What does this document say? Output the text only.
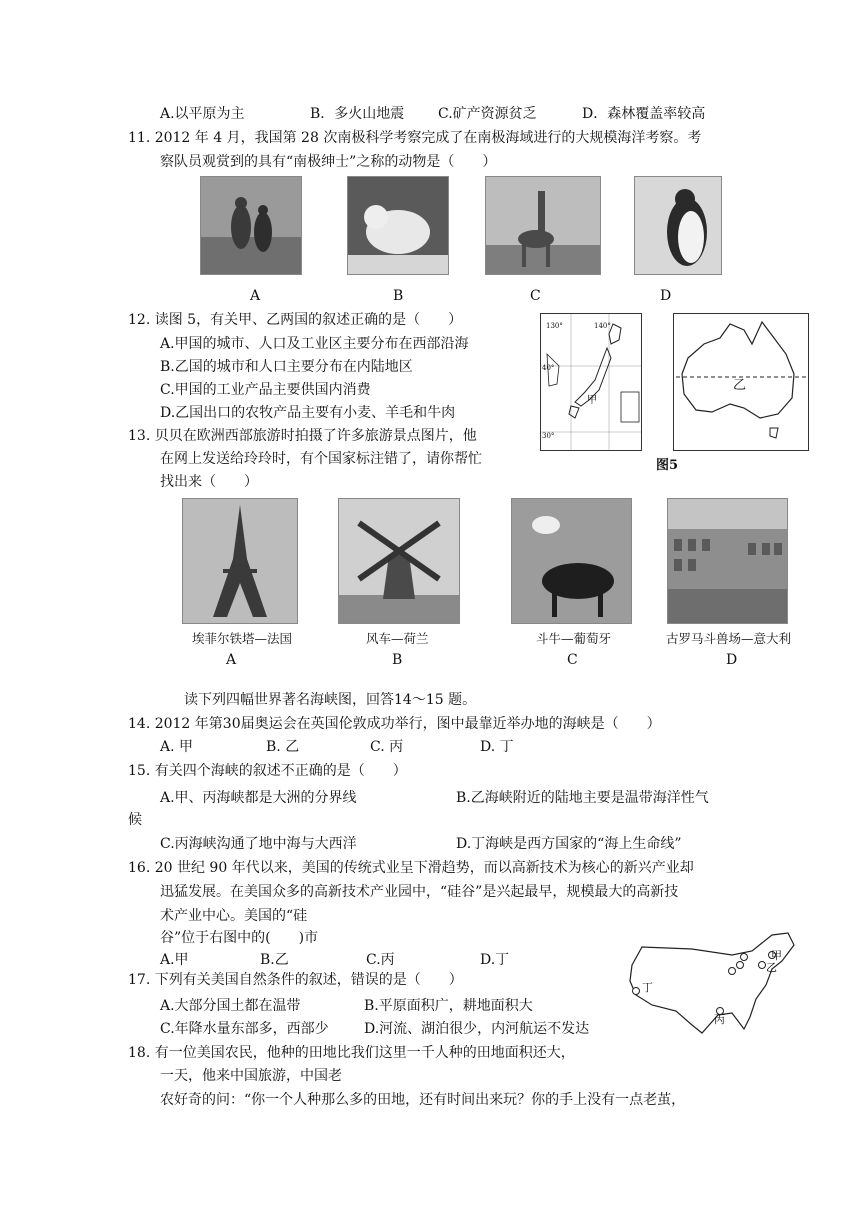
A.以平原为主	B．多火山地震 C.矿产资源贫乏	D．森林覆盖率较高
11. 2012 年 4 月，我国第 28 次南极科学考察完成了在南极海域进行的大规模海洋考察。考
察队员观赏到的具有“南极绅士”之称的动物是（　　）
A	B	C	D
12. 读图 5，有关甲、乙两国的叙述正确的是（　　）
A.甲国的城市、人口及工业区主要分布在西部沿海
B.乙国的城市和人口主要分布在内陆地区
C.甲国的工业产品主要供国内消费
D.乙国出口的农牧产品主要有小麦、羊毛和牛肉
130°	140°
40°
30°
甲
乙
图5
13. 贝贝在欧洲西部旅游时拍摄了许多旅游景点图片，他
在网上发送给玲玲时，有个国家标注错了，请你帮忙
找出来（　　）
埃菲尔铁塔—法国	风车—荷兰	斗牛—葡萄牙	古罗马斗兽场—意大利
A	B	C	D
读下列四幅世界著名海峡图，回答14～15 题。
14. 2012 年第30届奥运会在英国伦敦成功举行，图中最靠近举办地的海峡是（　　）
A. 甲	B. 乙	C. 丙	D. 丁
15. 有关四个海峡的叙述不正确的是（　　）
A.甲、丙海峡都是大洲的分界线	B.乙海峡附近的陆地主要是温带海洋性气
候
C.丙海峡沟通了地中海与大西洋	D.丁海峡是西方国家的“海上生命线”
16. 20 世纪 90 年代以来，美国的传统式业呈下滑趋势，而以高新技术为核心的新兴产业却
迅猛发展。在美国众多的高新技术产业园中，“硅谷”是兴起最早，规模最大的高新技
术产业中心。美国的“硅
谷”位于右图中的(　　)市
A.甲	B.乙	C.丙	D.丁	甲
乙
丙
丁
17. 下列有关美国自然条件的叙述，错误的是（　　）
A.大部分国土都在温带	B.平原面积广，耕地面积大
C.年降水量东部多，西部少	D.河流、湖泊很少，内河航运不发达
18. 有一位美国农民，他种的田地比我们这里一千人种的田地面积还大，
一天，他来中国旅游，中国老
农好奇的问：“你一个人种那么多的田地，还有时间出来玩？你的手上没有一点老茧，
